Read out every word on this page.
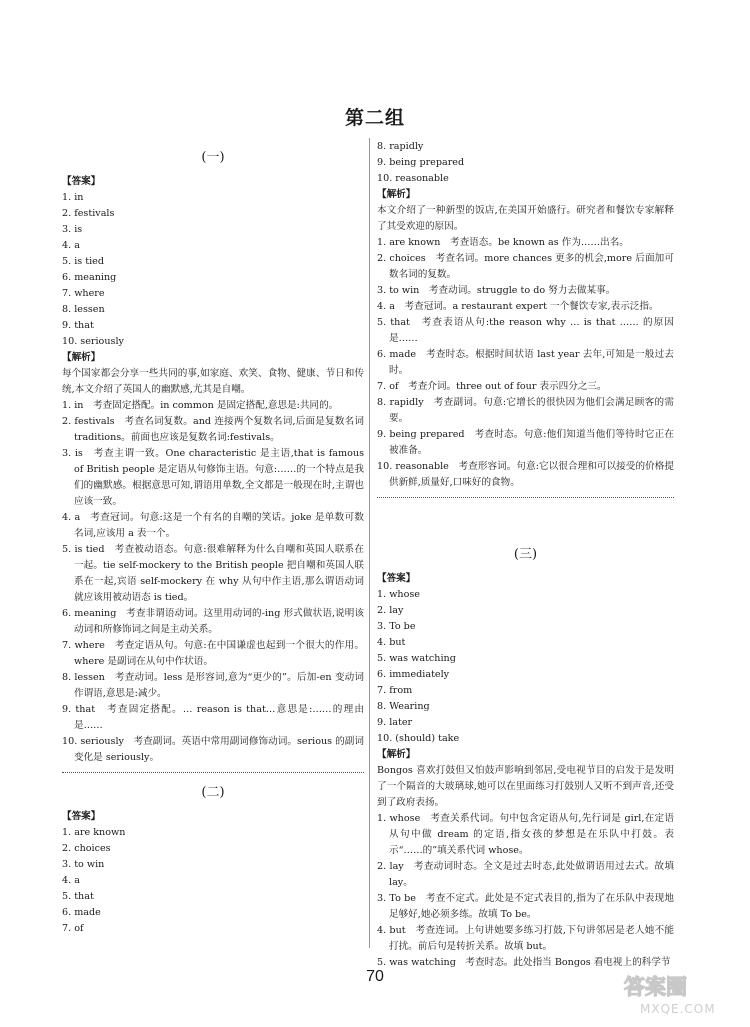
第二组
(一)
【答案】
1. in
2. festivals
3. is
4. a
5. is tied
6. meaning
7. where
8. lessen
9. that
10. seriously
【解析】
每个国家都会分享一些共同的事,如家庭、欢笑、食物、健康、节日和传统,本文介绍了英国人的幽默感,尤其是自嘲。
1. in　考查固定搭配。in common 是固定搭配,意思是:共同的。
2. festivals　考查名词复数。and 连接两个复数名词,后面是复数名词 traditions。前面也应该是复数名词:festivals。
3. is　考查主谓一致。One characteristic 是主语,that is famous of British people 是定语从句修饰主语。句意:……的一个特点是我们的幽默感。根据意思可知,谓语用单数,全文都是一般现在时,主谓也应该一致。
4. a　考查冠词。句意:这是一个有名的自嘲的笑话。joke 是单数可数名词,应该用 a 表一个。
5. is tied　考查被动语态。句意:很难解释为什么自嘲和英国人联系在一起。tie self-mockery to the British people 把自嘲和英国人联系在一起,宾语 self-mockery 在 why 从句中作主语,那么谓语动词就应该用被动语态 is tied。
6. meaning　考查非谓语动词。这里用动词的-ing 形式做状语,说明该动词和所修饰词之间是主动关系。
7. where　考查定语从句。句意:在中国谦虚也起到一个很大的作用。where 是副词在从句中作状语。
8. lessen　考查动词。less 是形容词,意为“更少的”。后加-en 变动词作谓语,意思是:减少。
9. that　考查固定搭配。… reason is that…意思是:……的理由是……
10. seriously　考查副词。英语中常用副词修饰动词。serious 的副词变化是 seriously。
(二)
【答案】
1. are known
2. choices
3. to win
4. a
5. that
6. made
7. of
8. rapidly
9. being prepared
10. reasonable
【解析】
本文介绍了一种新型的饭店,在美国开始盛行。研究者和餐饮专家解释了其受欢迎的原因。
1. are known　考查语态。be known as 作为……出名。
2. choices　考查名词。more chances 更多的机会,more 后面加可数名词的复数。
3. to win　考查动词。struggle to do 努力去做某事。
4. a　考查冠词。a restaurant expert 一个餐饮专家,表示泛指。
5. that　考查表语从句:the reason why … is that …… 的原因是……
6. made　考查时态。根据时间状语 last year 去年,可知是一般过去时。
7. of　考查介词。three out of four 表示四分之三。
8. rapidly　考查副词。句意:它增长的很快因为他们会满足顾客的需要。
9. being prepared　考查时态。句意:他们知道当他们等待时它正在被准备。
10. reasonable　考查形容词。句意:它以很合理和可以接受的价格提供新鲜,质量好,口味好的食物。
(三)
【答案】
1. whose
2. lay
3. To be
4. but
5. was watching
6. immediately
7. from
8. Wearing
9. later
10. (should) take
【解析】
Bongos 喜欢打鼓但又怕鼓声影响到邻居,受电视节目的启发于是发明了一个隔音的大玻璃球,她可以在里面练习打鼓别人又听不到声音,还受到了政府表扬。
1. whose　考查关系代词。句中包含定语从句,先行词是 girl,在定语从句中做 dream 的定语,指女孩的梦想是在乐队中打鼓。表示“……的”填关系代词 whose。
2. lay　考查动词时态。全文是过去时态,此处做谓语用过去式。故填 lay。
3. To be　考查不定式。此处是不定式表目的,指为了在乐队中表现地足够好,她必须多练。故填 To be。
4. but　考查连词。上句讲她要多练习打鼓,下句讲邻居是老人她不能打扰。前后句是转折关系。故填 but。
5. was watching　考查时态。此处指当 Bongos 看电视上的科学节
70	答案圈
MXQE.COM
